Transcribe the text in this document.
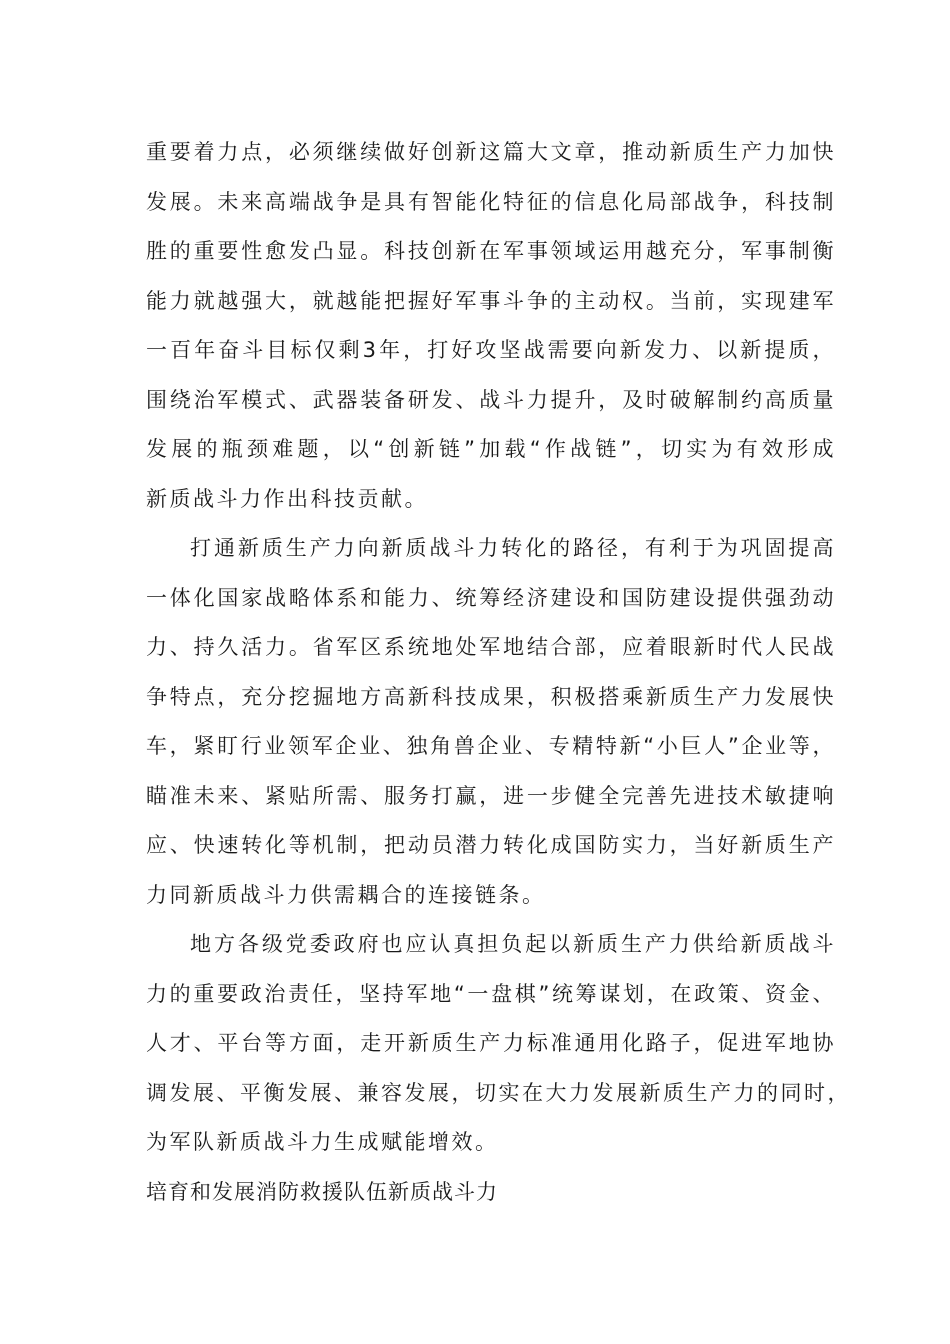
重要着力点，必须继续做好创新这篇大文章，推动新质生产力加快
发展。未来高端战争是具有智能化特征的信息化局部战争，科技制
胜的重要性愈发凸显。科技创新在军事领域运用越充分，军事制衡
能力就越强大，就越能把握好军事斗争的主动权。当前，实现建军
一百年奋斗目标仅剩3年，打好攻坚战需要向新发力、以新提质，
围绕治军模式、武器装备研发、战斗力提升，及时破解制约高质量
发展的瓶颈难题，以“创新链”加载“作战链”，切实为有效形成
新质战斗力作出科技贡献。
打通新质生产力向新质战斗力转化的路径，有利于为巩固提高
一体化国家战略体系和能力、统筹经济建设和国防建设提供强劲动
力、持久活力。省军区系统地处军地结合部，应着眼新时代人民战
争特点，充分挖掘地方高新科技成果，积极搭乘新质生产力发展快
车，紧盯行业领军企业、独角兽企业、专精特新“小巨人”企业等，
瞄准未来、紧贴所需、服务打赢，进一步健全完善先进技术敏捷响
应、快速转化等机制，把动员潜力转化成国防实力，当好新质生产
力同新质战斗力供需耦合的连接链条。
地方各级党委政府也应认真担负起以新质生产力供给新质战斗
力的重要政治责任，坚持军地“一盘棋”统筹谋划，在政策、资金、
人才、平台等方面，走开新质生产力标准通用化路子，促进军地协
调发展、平衡发展、兼容发展，切实在大力发展新质生产力的同时，
为军队新质战斗力生成赋能增效。
培育和发展消防救援队伍新质战斗力
